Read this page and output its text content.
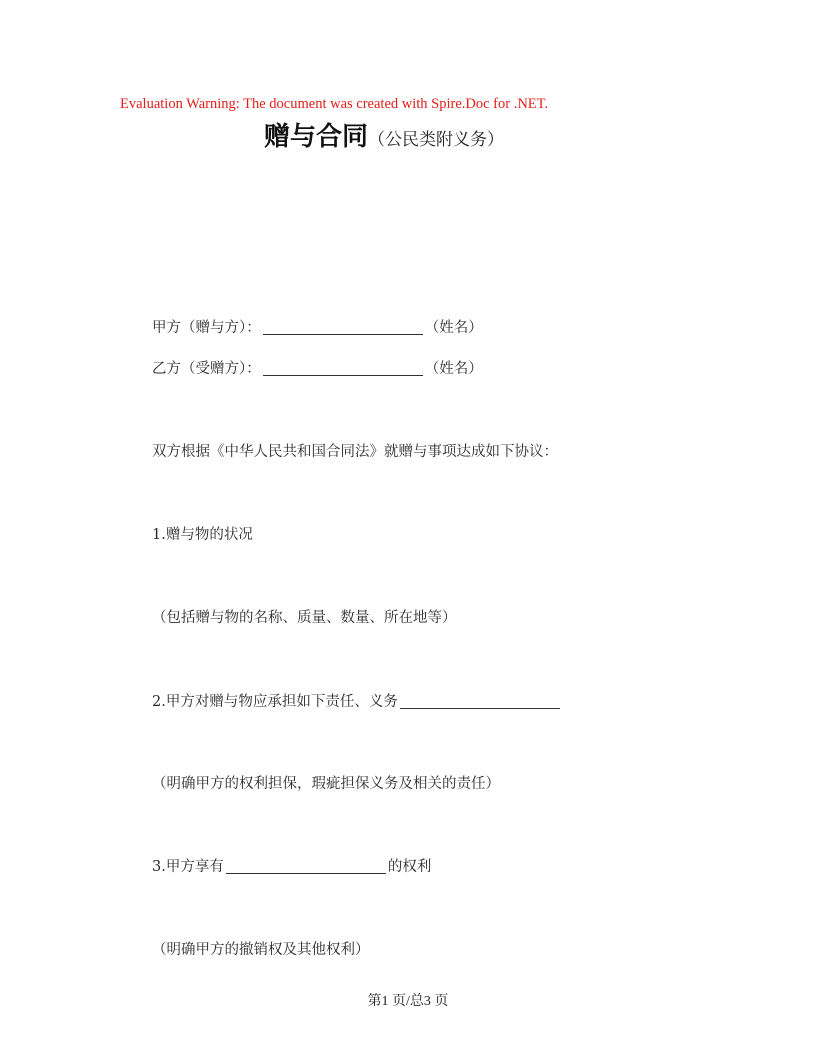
Evaluation Warning: The document was created with Spire.Doc for .NET.
赠与合同（公民类附义务）
甲方（赠与方）：	（姓名）
乙方（受赠方）：	（姓名）
双方根据《中华人民共和国合同法》就赠与事项达成如下协议：
1.赠与物的状况
（包括赠与物的名称、质量、数量、所在地等）
2.甲方对赠与物应承担如下责任、义务
（明确甲方的权利担保，瑕疵担保义务及相关的责任）
3.甲方享有	的权利
（明确甲方的撤销权及其他权利）
第1 页/总3 页
